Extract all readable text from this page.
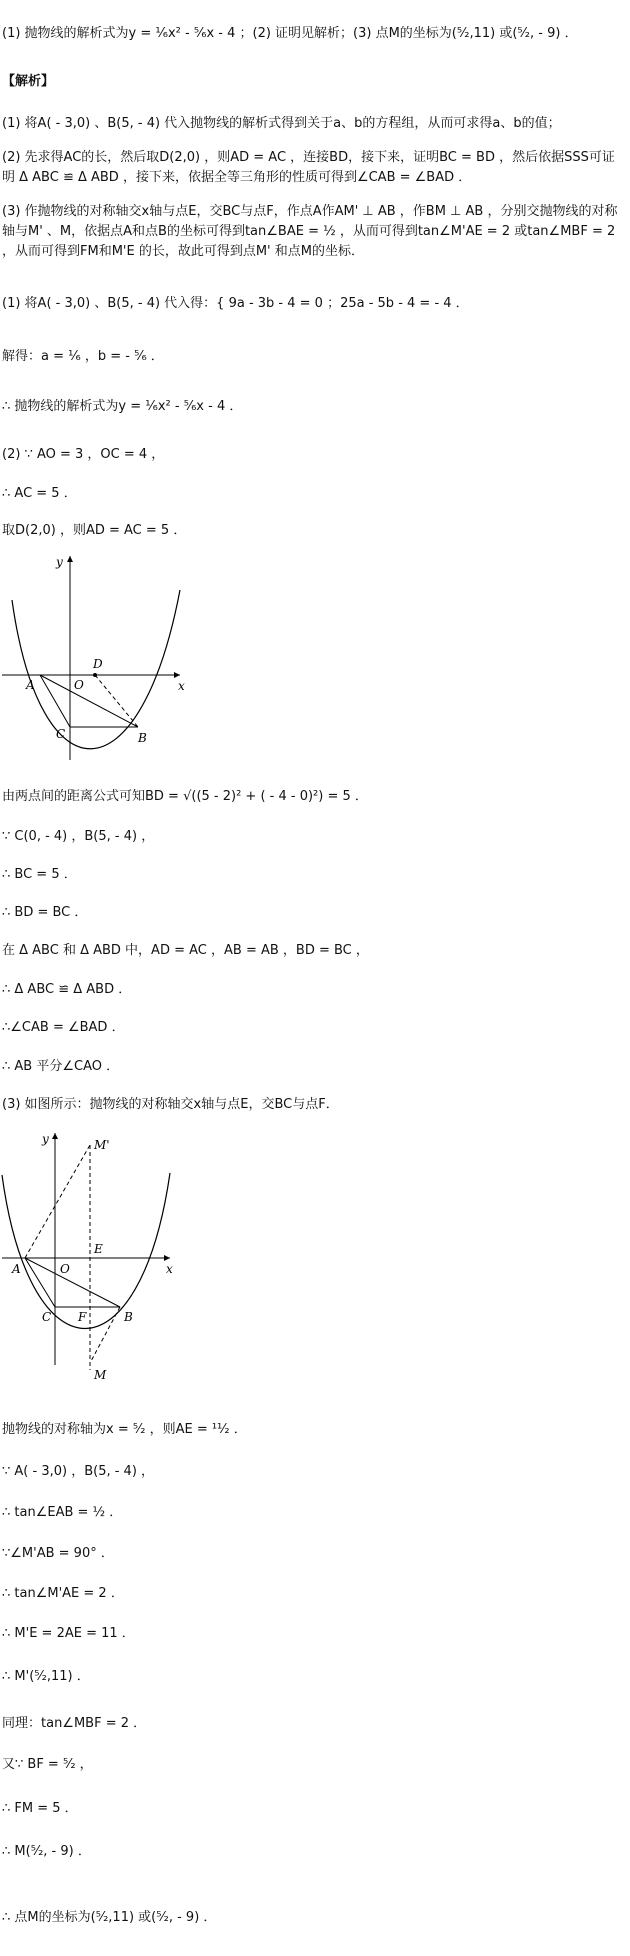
(1) 抛物线的解析式为y = ¹⁄₆x² - ⁵⁄₆x - 4 ；(2) 证明见解析；(3) 点M的坐标为(⁵⁄₂,11) 或(⁵⁄₂, - 9) ．
【解析】
(1) 将A( - 3,0) 、B(5, - 4) 代入抛物线的解析式得到关于a、b的方程组，从而可求得a、b的值；
(2) 先求得AC的长，然后取D(2,0) ，则AD = AC ，连接BD，接下来，证明BC = BD ，然后依据SSS可证明 Δ ABC ≌ Δ ABD ，接下来，依据全等三角形的性质可得到∠CAB = ∠BAD ．
(3) 作抛物线的对称轴交x轴与点E，交BC与点F，作点A作AM' ⊥ AB ，作BM ⊥ AB ，分别交抛物线的对称轴与M' 、M，依据点A和点B的坐标可得到tan∠BAE = ½ ，从而可得到tan∠M'AE = 2 或tan∠MBF = 2 ，从而可得到FM和M'E 的长，故此可得到点M' 和点M的坐标．
(1) 将A( - 3,0) 、B(5, - 4) 代入得：{ 9a - 3b - 4 = 0 ；25a - 5b - 4 = - 4 ．
解得：a = ¹⁄₆ ，b = - ⁵⁄₆ ．
∴ 抛物线的解析式为y = ¹⁄₆x² - ⁵⁄₆x - 4 ．
(2) ∵ AO = 3 ，OC = 4 ，
∴ AC = 5 ．
取D(2,0) ，则AD = AC = 5 ．
y
x
O
A
B
C
D
由两点间的距离公式可知BD = √((5 - 2)² + ( - 4 - 0)²) = 5 ．
∵ C(0, - 4) ，B(5, - 4) ，
∴ BC = 5 ．
∴ BD = BC ．
在 Δ ABC 和 Δ ABD 中，AD = AC ，AB = AB ，BD = BC ，
∴ Δ ABC ≌ Δ ABD ．
∴∠CAB = ∠BAD ．
∴ AB 平分∠CAO ．
(3) 如图所示：抛物线的对称轴交x轴与点E，交BC与点F．
y
x
O
A
B
C
E
F
M'
M
抛物线的对称轴为x = ⁵⁄₂ ，则AE = ¹¹⁄₂ ．
∵ A( - 3,0) ，B(5, - 4) ，
∴ tan∠EAB = ½ ．
∵∠M'AB = 90° ．
∴ tan∠M'AE = 2 ．
∴ M'E = 2AE = 11 ．
∴ M'(⁵⁄₂,11) ．
同理：tan∠MBF = 2 ．
又∵ BF = ⁵⁄₂ ，
∴ FM = 5 ．
∴ M(⁵⁄₂, - 9) ．
∴ 点M的坐标为(⁵⁄₂,11) 或(⁵⁄₂, - 9) ．
